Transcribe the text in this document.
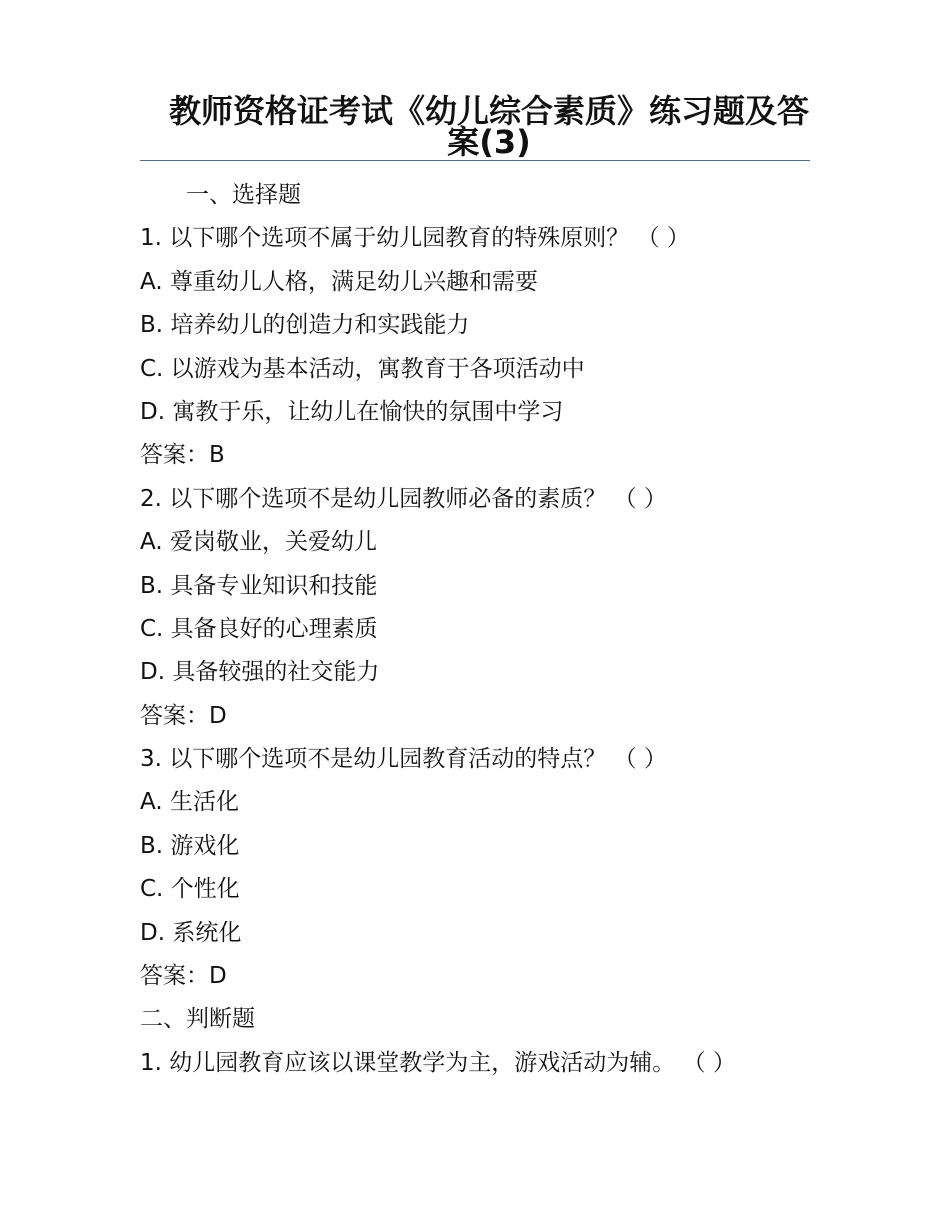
教师资格证考试《幼儿综合素质》练习题及答案(3)
一、选择题
1. 以下哪个选项不属于幼儿园教育的特殊原则？ （ ）
A. 尊重幼儿人格，满足幼儿兴趣和需要
B. 培养幼儿的创造力和实践能力
C. 以游戏为基本活动，寓教育于各项活动中
D. 寓教于乐，让幼儿在愉快的氛围中学习
答案：B
2. 以下哪个选项不是幼儿园教师必备的素质？ （ ）
A. 爱岗敬业，关爱幼儿
B. 具备专业知识和技能
C. 具备良好的心理素质
D. 具备较强的社交能力
答案：D
3. 以下哪个选项不是幼儿园教育活动的特点？ （ ）
A. 生活化
B. 游戏化
C. 个性化
D. 系统化
答案：D
二、判断题
1. 幼儿园教育应该以课堂教学为主，游戏活动为辅。 （ ）
